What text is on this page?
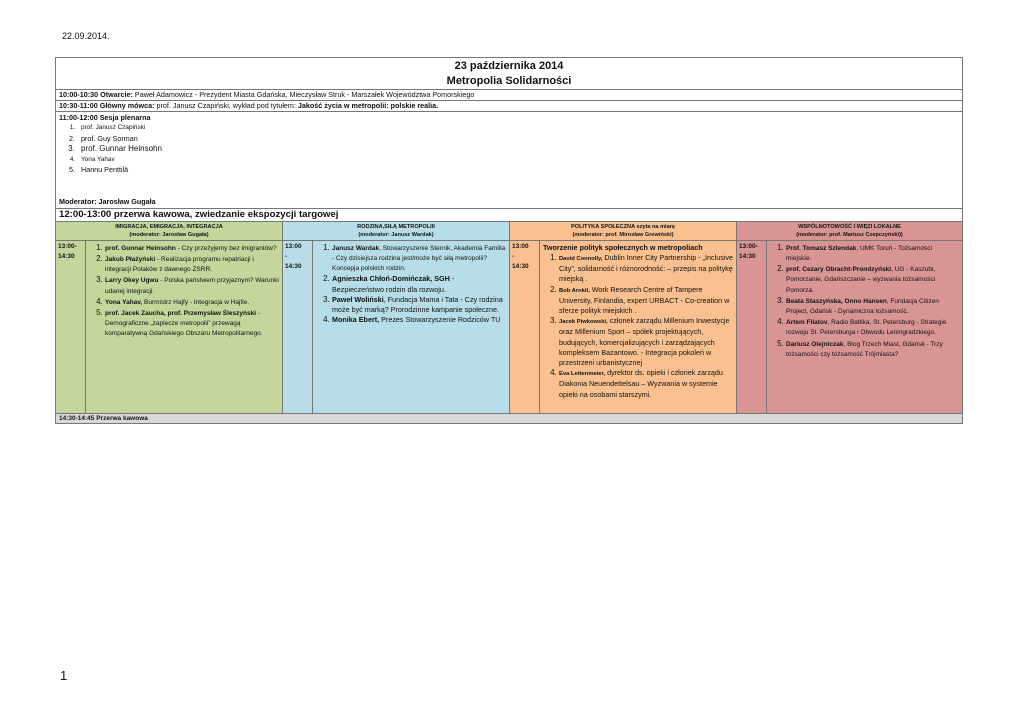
22.09.2014.
23 października 2014
Metropolia Solidarności
10:00-10:30 Otwarcie: Paweł Adamowicz - Prezydent Miasta Gdańska, Mieczysław Struk - Marszałek Województwa Pomorskiego
10:30-11:00 Główny mówca: prof. Janusz Czapiński, wykład pod tytułem: Jakość życia w metropolii: polskie realia.
11:00-12:00 Sesja plenarna
1. prof. Janusz Czapiński
2. prof. Guy Sorman
3. prof. Gunnar Heinsohn
4. Yona Yahav
5. Hannu Penttilä
Moderator: Jarosław Gugała
12:00-13:00 przerwa kawowa, zwiedzanie ekspozycji targowej
IMIGRACJA, EMIGRACJA, INTEGRACJA
(moderator: Jarosław Gugała)
13:00-
14:30
1. prof. Gunnar Heinsohn - Czy przeżyjemy bez imigrantów?
2. Jakub Płażyński - Realizacja programu repatriacji i integracji Polaków z dawnego ZSRR.
3. Larry Okey Ugwu - Polska państwem przyjaznym? Warunki udanej integracji.
4. Yona Yahav, Burmistrz Hajfy - Integracja w Hajfie.
5. prof. Jacek Zaucha, prof. Przemysław Śleszyński - Demograficzne „zaplecze metropolii” przewagą komparatywną Gdańskiego Obszaru Metropolitarnego.
RODZINA,SIŁĄ METROPOLIII
(moderator: Janusz Wardak)
13:00
-
14:30
1. Janusz Wardak, Stowarzyszenie Sternik, Akademia Familia - Czy dzisiejsza rodzina jest/może być siłą metropolii? Koncepja polskich rodzin.
2. Agnieszka Chłoń-Domińczak, SGH - Bezpieczeństwo rodzin dla rozwoju.
3. Paweł Woliński, Fundacja Mama i Tata - Czy rodzina może być marką? Prorodzinne kampanie społeczne.
4. Monika Ebert, Prezes Stowarzyszenie Rodziców TU
POLITYKA SPOŁECZNA szyta na miarę
(moderator: prof. Mirosław Grewiński)
13:00
-
14:30
Tworzenie polityk społecznych w metropoliach
1. David Connolly, Dublin Inner City Partnership - „Inclusive City”, solidarność i różnorodność: – przepis na politykę miejską .
2. Bob Arnkil, Work Research Centre of Tampere University, Finlandia, expert URBACT - Co-creation w sferze polityk miejskich .
3. Jacek Piwkowski, członek zarządu Millenium Inwestycje oraz Millenium Sport – spółek projektujących, budujących, komercjalizujących i zarządzających kompleksem Bażantowo. - Integracja pokoleń w przestrzeni urbanistycznej
4. Eva Lettenmeier, dyrektor ds. opieki i członek zarządu Diakonia Neuendettelsau – Wyzwania w systemie opieki na osobami starszymi.
WSPÓLNOTOWOŚĆ I WIĘZI LOKALNE
(moderator: prof. Mariusz Czepczyński))
13:00-
14:30
1. Prof. Tomasz Szlendak, UMK Toruń - Tożsamości miejskie.
2. prof. Cezary Obracht-Prondzyński, UG - Kaszubi, Pomorzanie, Gdańszczanie – wyzwania tożsamości Pomorza.
3. Beata Staszyńska, Onno Hansen, Fundacja Citizen Project, Gdańsk - Dynamiczna tożsamość.
4. Artem Filatov, Radio Baltika, St. Petersburg - Strategie rozwoju St. Petersburga i Obwodu Leningradzkiego.
5. Dariusz Olejniczak, Blog Trzech Miast, Gdańsk - Trzy tożsamości czy tożsamość Trójmiasta?
14:30-14:45 Przerwa kawowa
1
